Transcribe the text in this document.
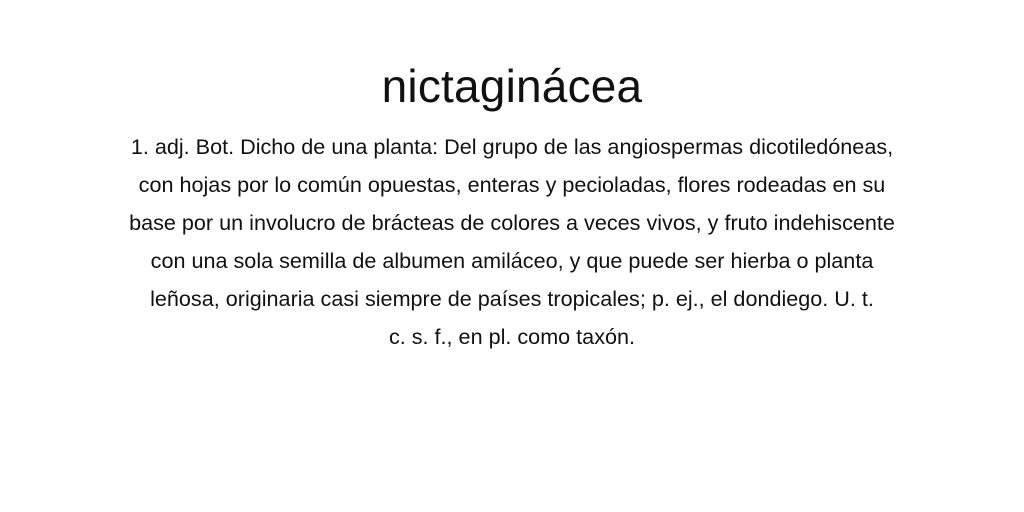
nictaginácea

1. adj. Bot. Dicho de una planta: Del grupo de las angiospermas dicotiledóneas,
con hojas por lo común opuestas, enteras y pecioladas, flores rodeadas en su
base por un involucro de brácteas de colores a veces vivos, y fruto indehiscente
con una sola semilla de albumen amiláceo, y que puede ser hierba o planta
leñosa, originaria casi siempre de países tropicales; p. ej., el dondiego. U. t.
c. s. f., en pl. como taxón.
